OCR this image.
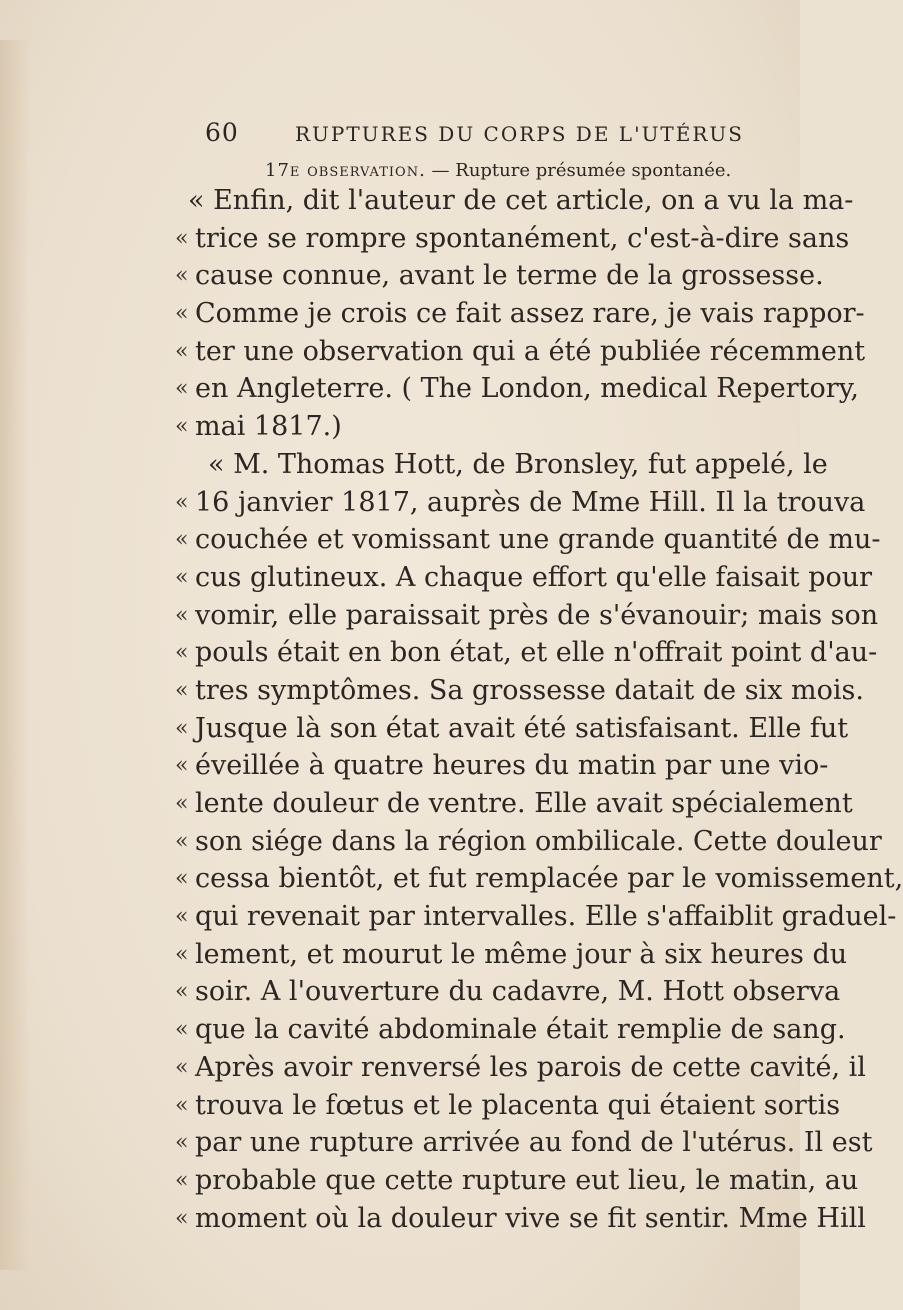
60	RUPTURES DU CORPS DE L'UTÉRUS
17e observation. — Rupture présumée spontanée.
« Enfin, dit l'auteur de cet article, on a vu la ma-
« trice se rompre spontanément, c'est-à-dire sans
« cause connue, avant le terme de la grossesse.
« Comme je crois ce fait assez rare, je vais rappor-
« ter une observation qui a été publiée récemment
« en Angleterre. ( The London, medical Repertory,
« mai 1817.)
« M. Thomas Hott, de Bronsley, fut appelé, le
« 16 janvier 1817, auprès de Mme Hill. Il la trouva
« couchée et vomissant une grande quantité de mu-
« cus glutineux. A chaque effort qu'elle faisait pour
« vomir, elle paraissait près de s'évanouir; mais son
« pouls était en bon état, et elle n'offrait point d'au-
« tres symptômes. Sa grossesse datait de six mois.
« Jusque là son état avait été satisfaisant. Elle fut
« éveillée à quatre heures du matin par une vio-
« lente douleur de ventre. Elle avait spécialement
« son siége dans la région ombilicale. Cette douleur
« cessa bientôt, et fut remplacée par le vomissement,
« qui revenait par intervalles. Elle s'affaiblit graduel-
« lement, et mourut le même jour à six heures du
« soir. A l'ouverture du cadavre, M. Hott observa
« que la cavité abdominale était remplie de sang.
« Après avoir renversé les parois de cette cavité, il
« trouva le fœtus et le placenta qui étaient sortis
« par une rupture arrivée au fond de l'utérus. Il est
« probable que cette rupture eut lieu, le matin, au
« moment où la douleur vive se fit sentir. Mme Hill
